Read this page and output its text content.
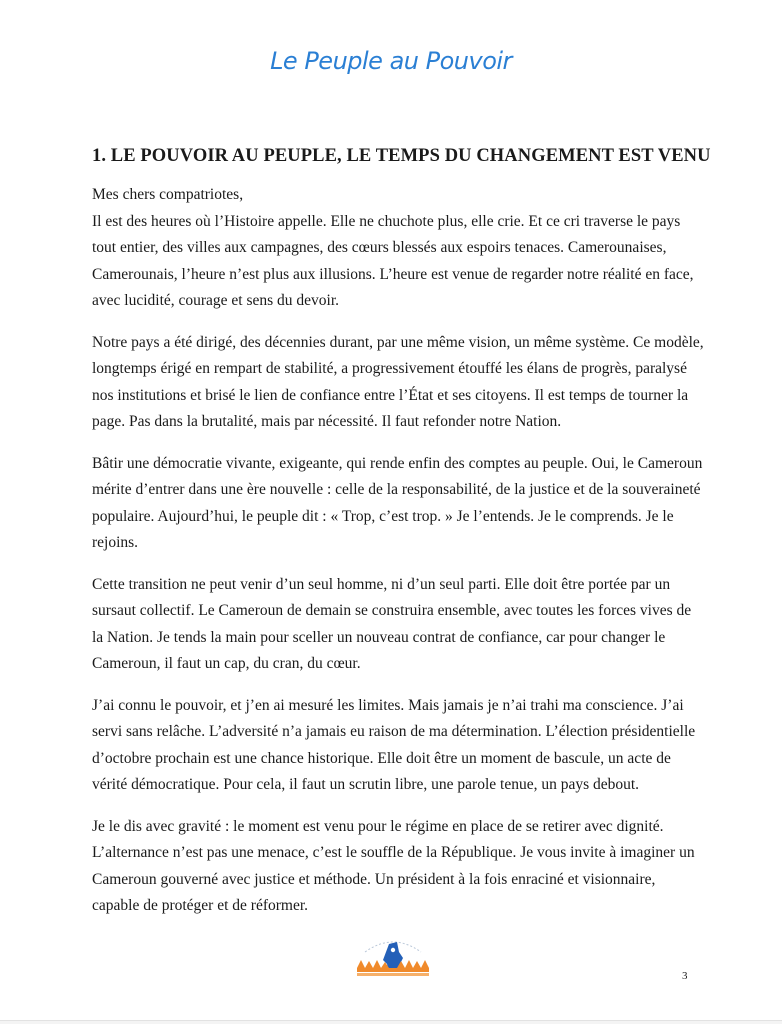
Le Peuple au Pouvoir
1. LE POUVOIR AU PEUPLE, LE TEMPS DU CHANGEMENT EST VENU

Mes chers compatriotes,

Il est des heures où l’Histoire appelle. Elle ne chuchote plus, elle crie. Et ce cri traverse le pays tout entier, des villes aux campagnes, des cœurs blessés aux espoirs tenaces. Camerounaises, Camerounais, l’heure n’est plus aux illusions. L’heure est venue de regarder notre réalité en face, avec lucidité, courage et sens du devoir.

Notre pays a été dirigé, des décennies durant, par une même vision, un même système. Ce modèle, longtemps érigé en rempart de stabilité, a progressivement étouffé les élans de progrès, paralysé nos institutions et brisé le lien de confiance entre l’État et ses citoyens. Il est temps de tourner la page. Pas dans la brutalité, mais par nécessité. Il faut refonder notre Nation.

Bâtir une démocratie vivante, exigeante, qui rende enfin des comptes au peuple. Oui, le Cameroun mérite d’entrer dans une ère nouvelle : celle de la responsabilité, de la justice et de la souveraineté populaire. Aujourd’hui, le peuple dit : « Trop, c’est trop. » Je l’entends. Je le comprends. Je le rejoins.

Cette transition ne peut venir d’un seul homme, ni d’un seul parti. Elle doit être portée par un sursaut collectif. Le Cameroun de demain se construira ensemble, avec toutes les forces vives de la Nation. Je tends la main pour sceller un nouveau contrat de confiance, car pour changer le Cameroun, il faut un cap, du cran, du cœur.

J’ai connu le pouvoir, et j’en ai mesuré les limites. Mais jamais je n’ai trahi ma conscience. J’ai servi sans relâche. L’adversité n’a jamais eu raison de ma détermination. L’élection présidentielle d’octobre prochain est une chance historique. Elle doit être un moment de bascule, un acte de vérité démocratique. Pour cela, il faut un scrutin libre, une parole tenue, un pays debout.

Je le dis avec gravité : le moment est venu pour le régime en place de se retirer avec dignité. L’alternance n’est pas une menace, c’est le souffle de la République. Je vous invite à imaginer un Cameroun gouverné avec justice et méthode. Un président à la fois enraciné et visionnaire, capable de protéger et de réformer.

3
